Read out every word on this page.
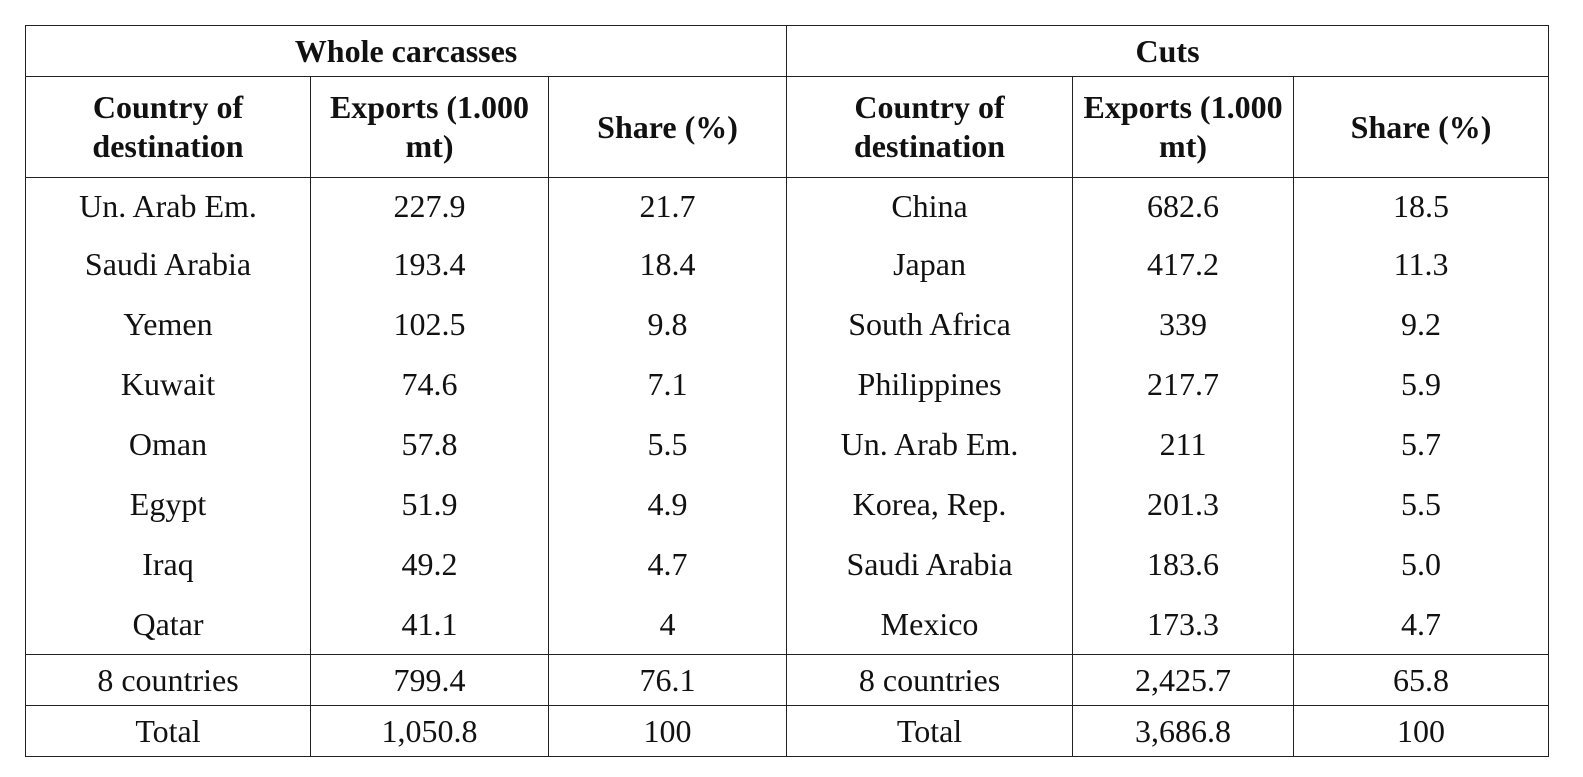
Whole carcasses			Cuts		
Country of destination	Exports (1.000 mt)	Share (%)	Country of destination	Exports (1.000 mt)	Share (%)
Un. Arab Em.	227.9	21.7	China	682.6	18.5
Saudi Arabia	193.4	18.4	Japan	417.2	11.3
Yemen	102.5	9.8	South Africa	339	9.2
Kuwait	74.6	7.1	Philippines	217.7	5.9
Oman	57.8	5.5	Un. Arab Em.	211	5.7
Egypt	51.9	4.9	Korea, Rep.	201.3	5.5
Iraq	49.2	4.7	Saudi Arabia	183.6	5.0
Qatar	41.1	4	Mexico	173.3	4.7
8 countries	799.4	76.1	8 countries	2,425.7	65.8
Total	1,050.8	100	Total	3,686.8	100
